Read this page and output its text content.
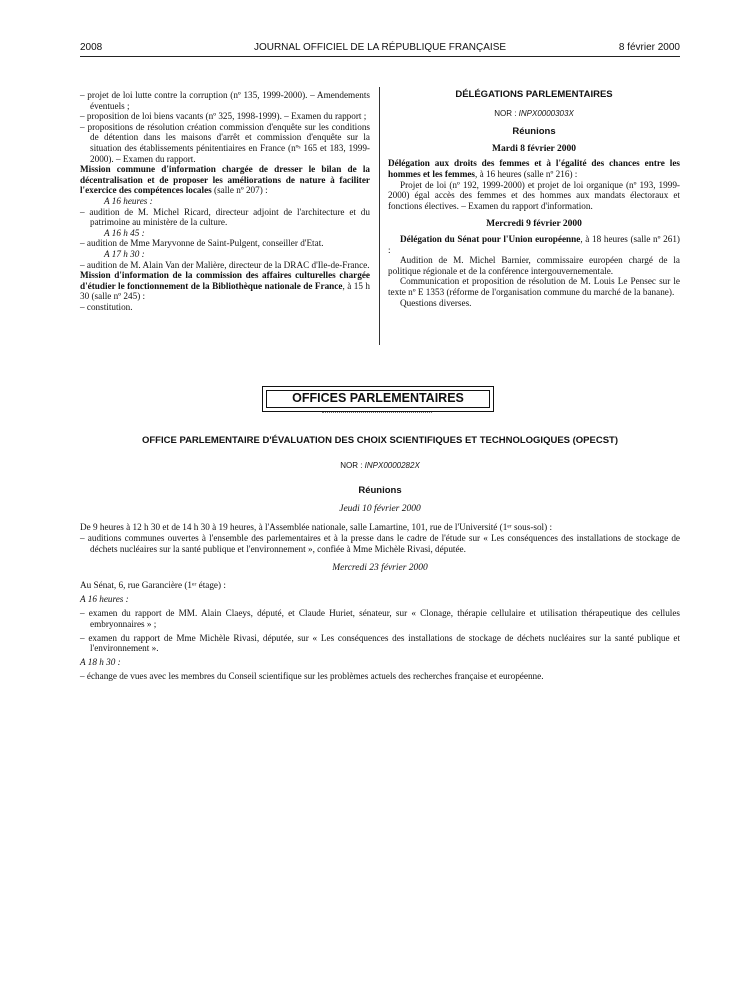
2008	JOURNAL OFFICIEL DE LA RÉPUBLIQUE FRANÇAISE	8 février 2000

– projet de loi lutte contre la corruption (nº 135, 1999-2000). – Amendements éventuels ;

– proposition de loi biens vacants (nº 325, 1998-1999). – Examen du rapport ;

– propositions de résolution création commission d'enquête sur les conditions de détention dans les maisons d'arrêt et commission d'enquête sur la situation des établissements pénitentiaires en France (nºˢ 165 et 183, 1999-2000). – Examen du rapport.

Mission commune d'information chargée de dresser le bilan de la décentralisation et de proposer les améliorations de nature à faciliter l'exercice des compétences locales (salle nº 207) :

A 16 heures :

– audition de M. Michel Ricard, directeur adjoint de l'architecture et du patrimoine au ministère de la culture.

A 16 h 45 :

– audition de Mme Maryvonne de Saint-Pulgent, conseiller d'Etat.

A 17 h 30 :

– audition de M. Alain Van der Malière, directeur de la DRAC d'Ile-de-France.

Mission d'information de la commission des affaires culturelles chargée d'étudier le fonctionnement de la Bibliothèque nationale de France, à 15 h 30 (salle nº 245) :

– constitution.

DÉLÉGATIONS PARLEMENTAIRES

NOR : INPX0000303X

Réunions

Mardi 8 février 2000

Délégation aux droits des femmes et à l'égalité des chances entre les hommes et les femmes, à 16 heures (salle nº 216) :

Projet de loi (nº 192, 1999-2000) et projet de loi organique (nº 193, 1999-2000) égal accès des femmes et des hommes aux mandats électoraux et fonctions électives. – Examen du rapport d'information.

Mercredi 9 février 2000

Délégation du Sénat pour l'Union européenne, à 18 heures (salle nº 261) :

Audition de M. Michel Barnier, commissaire européen chargé de la politique régionale et de la conférence intergouvernementale.

Communication et proposition de résolution de M. Louis Le Pensec sur le texte nº E 1353 (réforme de l'organisation commune du marché de la banane).

Questions diverses.

OFFICES PARLEMENTAIRES

OFFICE PARLEMENTAIRE D'ÉVALUATION DES CHOIX SCIENTIFIQUES ET TECHNOLOGIQUES (OPECST)

NOR : INPX0000282X

Réunions

Jeudi 10 février 2000

De 9 heures à 12 h 30 et de 14 h 30 à 19 heures, à l'Assemblée nationale, salle Lamartine, 101, rue de l'Université (1ᵉʳ sous-sol) :

– auditions communes ouvertes à l'ensemble des parlementaires et à la presse dans le cadre de l'étude sur « Les conséquences des installations de stockage de déchets nucléaires sur la santé publique et l'environnement », confiée à Mme Michèle Rivasi, députée.

Mercredi 23 février 2000

Au Sénat, 6, rue Garancière (1ᵉʳ étage) :

A 16 heures :

– examen du rapport de MM. Alain Claeys, député, et Claude Huriet, sénateur, sur « Clonage, thérapie cellulaire et utilisation thérapeutique des cellules embryonnaires » ;

– examen du rapport de Mme Michèle Rivasi, députée, sur « Les conséquences des installations de stockage de déchets nucléaires sur la santé publique et l'environnement ».

A 18 h 30 :

– échange de vues avec les membres du Conseil scientifique sur les problèmes actuels des recherches française et européenne.
